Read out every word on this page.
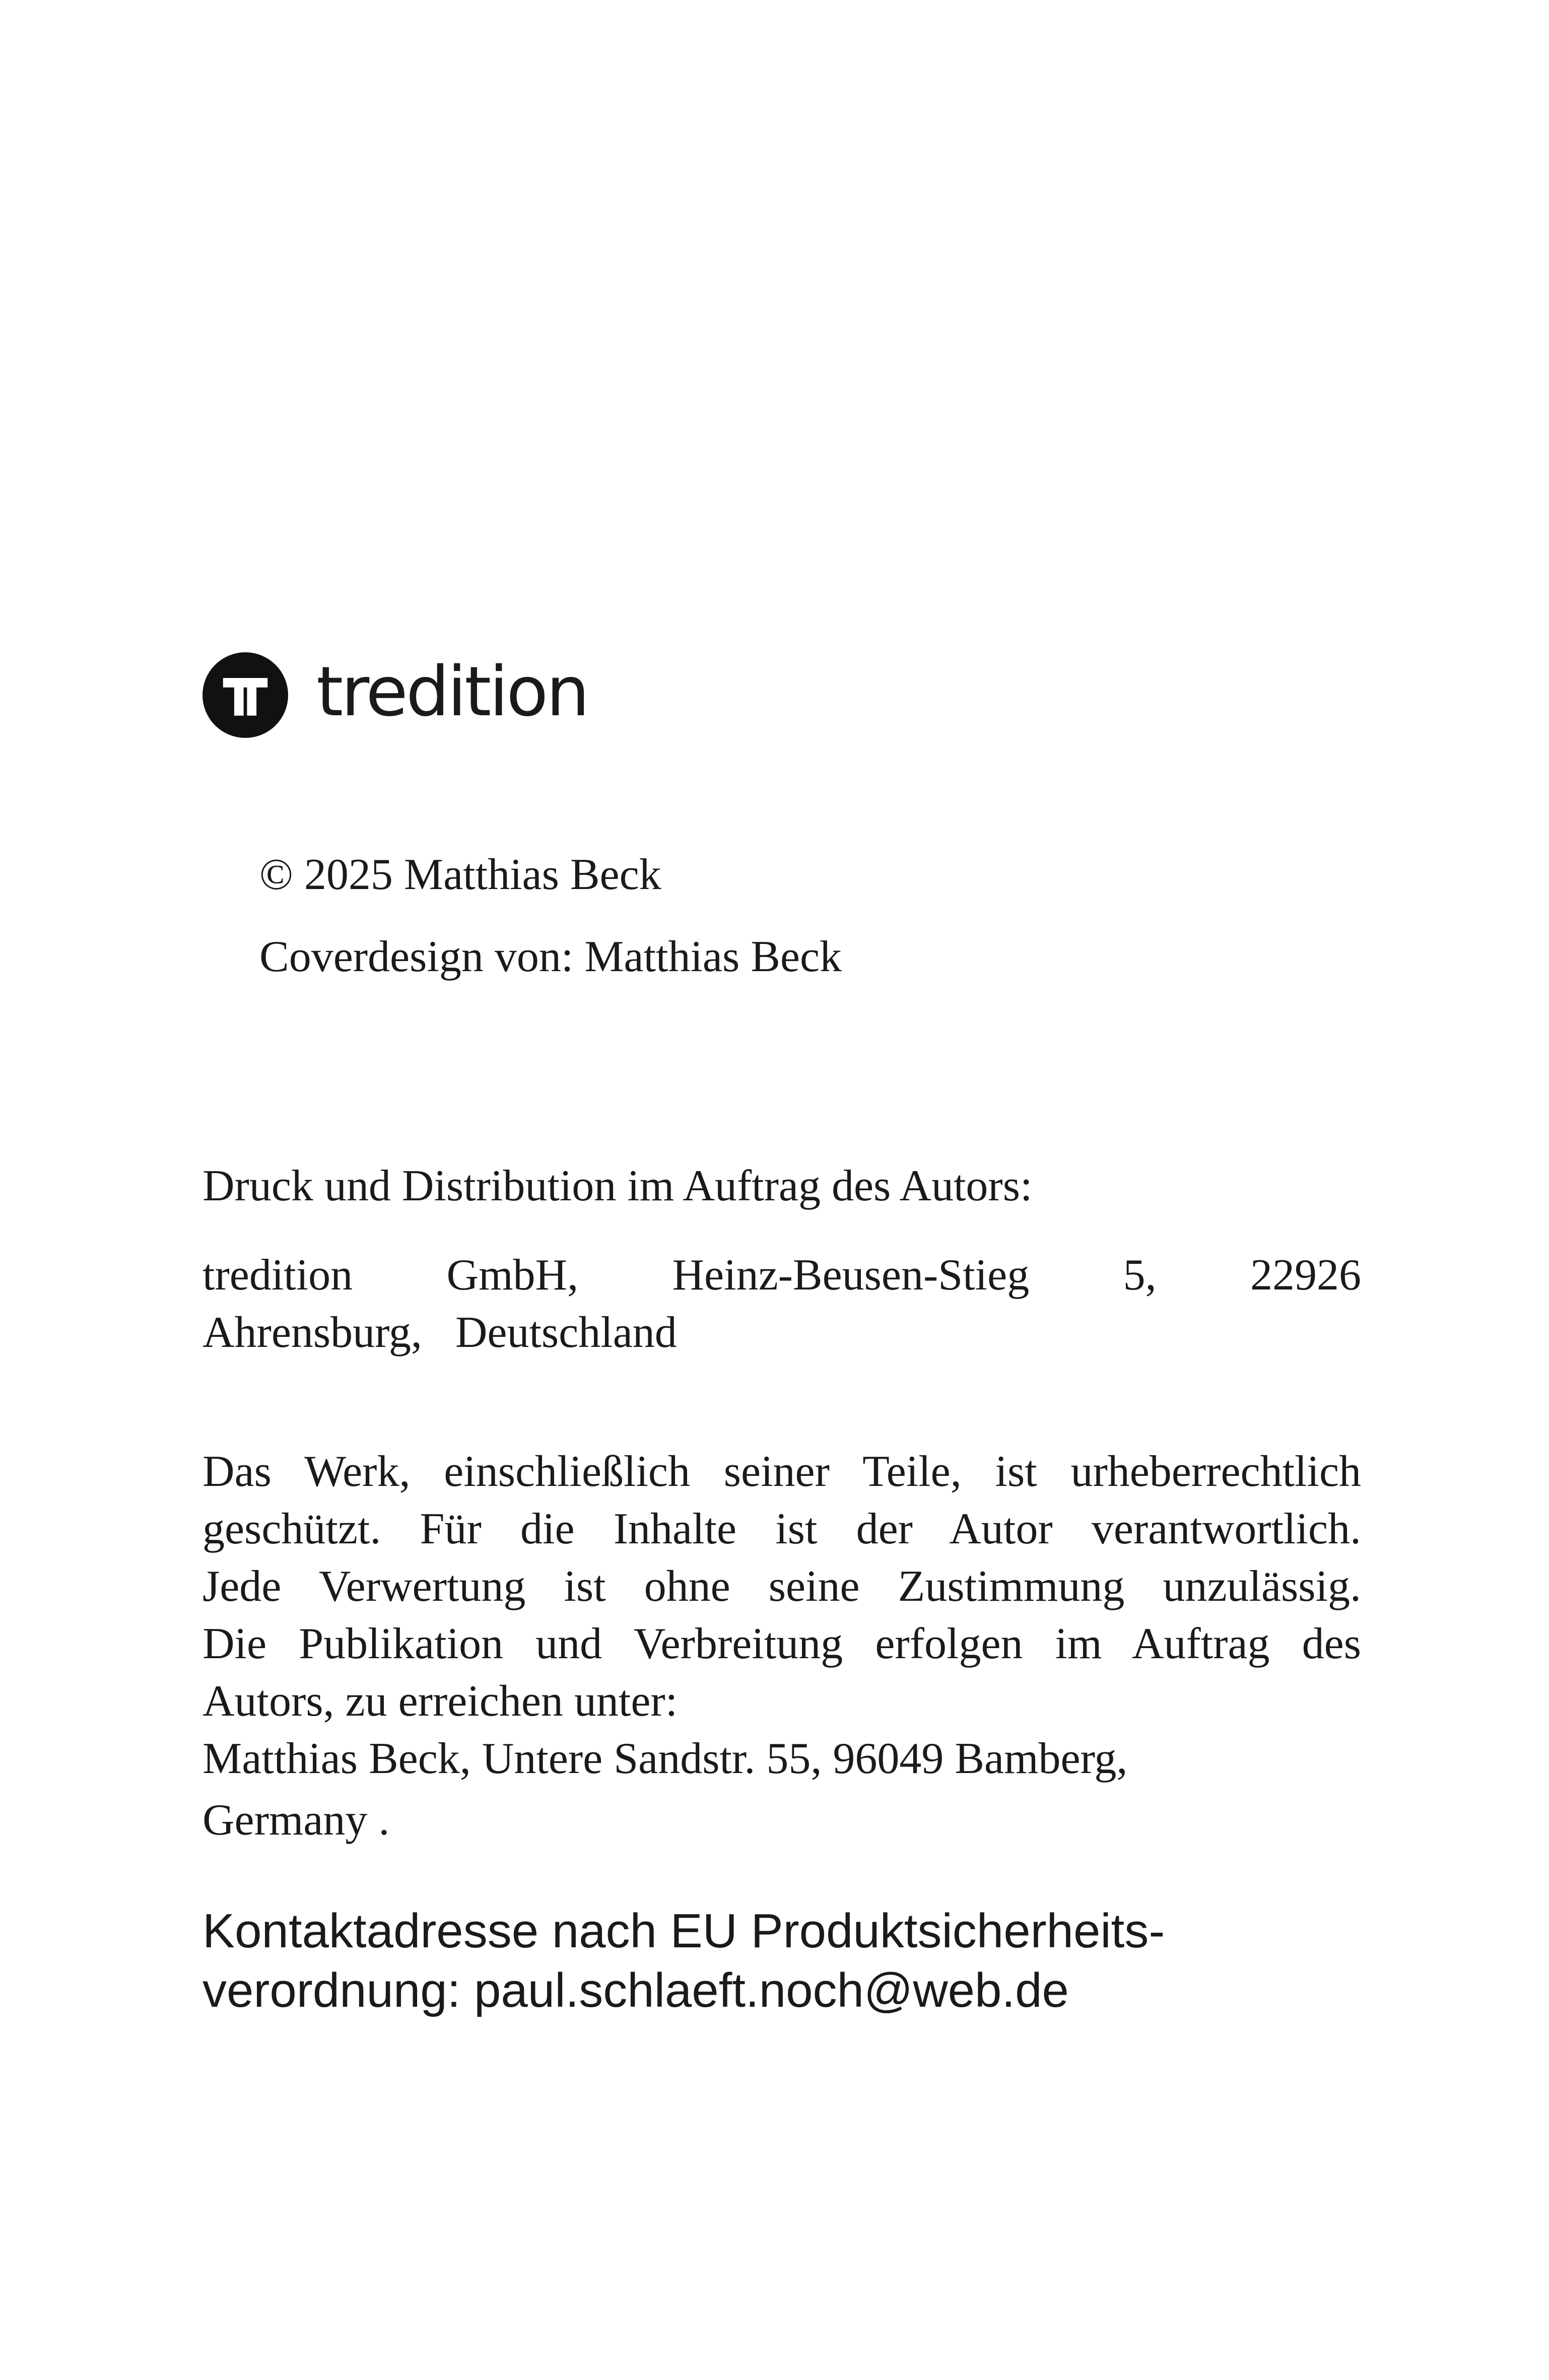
tredition
© 2025 Matthias Beck
Coverdesign von: Matthias Beck
Druck und Distribution im Auftrag des Autors:
tredition GmbH, Heinz-Beusen-Stieg 5, 22926 Ahrensburg, Deutschland
Das Werk, einschließlich seiner Teile, ist urheberrechtlich
geschützt. Für die Inhalte ist der Autor verantwortlich.
Jede Verwertung ist ohne seine Zustimmung unzulässig.
Die Publikation und Verbreitung erfolgen im Auftrag des
Autors, zu erreichen unter:
Matthias Beck, Untere Sandstr. 55, 96049 Bamberg,
Germany .
Kontaktadresse nach EU Produktsicherheits-
verordnung: paul.schlaeft.noch@web.de
